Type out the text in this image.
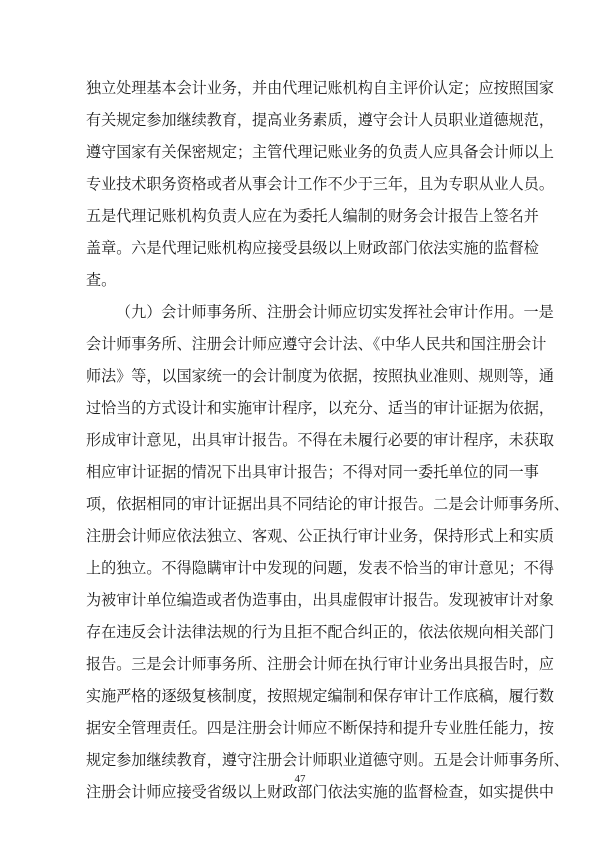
独立处理基本会计业务，并由代理记账机构自主评价认定；应按照国家
有关规定参加继续教育，提高业务素质，遵守会计人员职业道德规范，
遵守国家有关保密规定；主管代理记账业务的负责人应具备会计师以上
专业技术职务资格或者从事会计工作不少于三年，且为专职从业人员。
五是代理记账机构负责人应在为委托人编制的财务会计报告上签名并
盖章。六是代理记账机构应接受县级以上财政部门依法实施的监督检
查。
（九）会计师事务所、注册会计师应切实发挥社会审计作用。一是
会计师事务所、注册会计师应遵守会计法、《中华人民共和国注册会计
师法》等，以国家统一的会计制度为依据，按照执业准则、规则等，通
过恰当的方式设计和实施审计程序，以充分、适当的审计证据为依据，
形成审计意见，出具审计报告。不得在未履行必要的审计程序，未获取
相应审计证据的情况下出具审计报告；不得对同一委托单位的同一事
项，依据相同的审计证据出具不同结论的审计报告。二是会计师事务所、
注册会计师应依法独立、客观、公正执行审计业务，保持形式上和实质
上的独立。不得隐瞒审计中发现的问题，发表不恰当的审计意见；不得
为被审计单位编造或者伪造事由，出具虚假审计报告。发现被审计对象
存在违反会计法律法规的行为且拒不配合纠正的，依法依规向相关部门
报告。三是会计师事务所、注册会计师在执行审计业务出具报告时，应
实施严格的逐级复核制度，按照规定编制和保存审计工作底稿，履行数
据安全管理责任。四是注册会计师应不断保持和提升专业胜任能力，按
规定参加继续教育，遵守注册会计师职业道德守则。五是会计师事务所、
注册会计师应接受省级以上财政部门依法实施的监督检查，如实提供中
47
